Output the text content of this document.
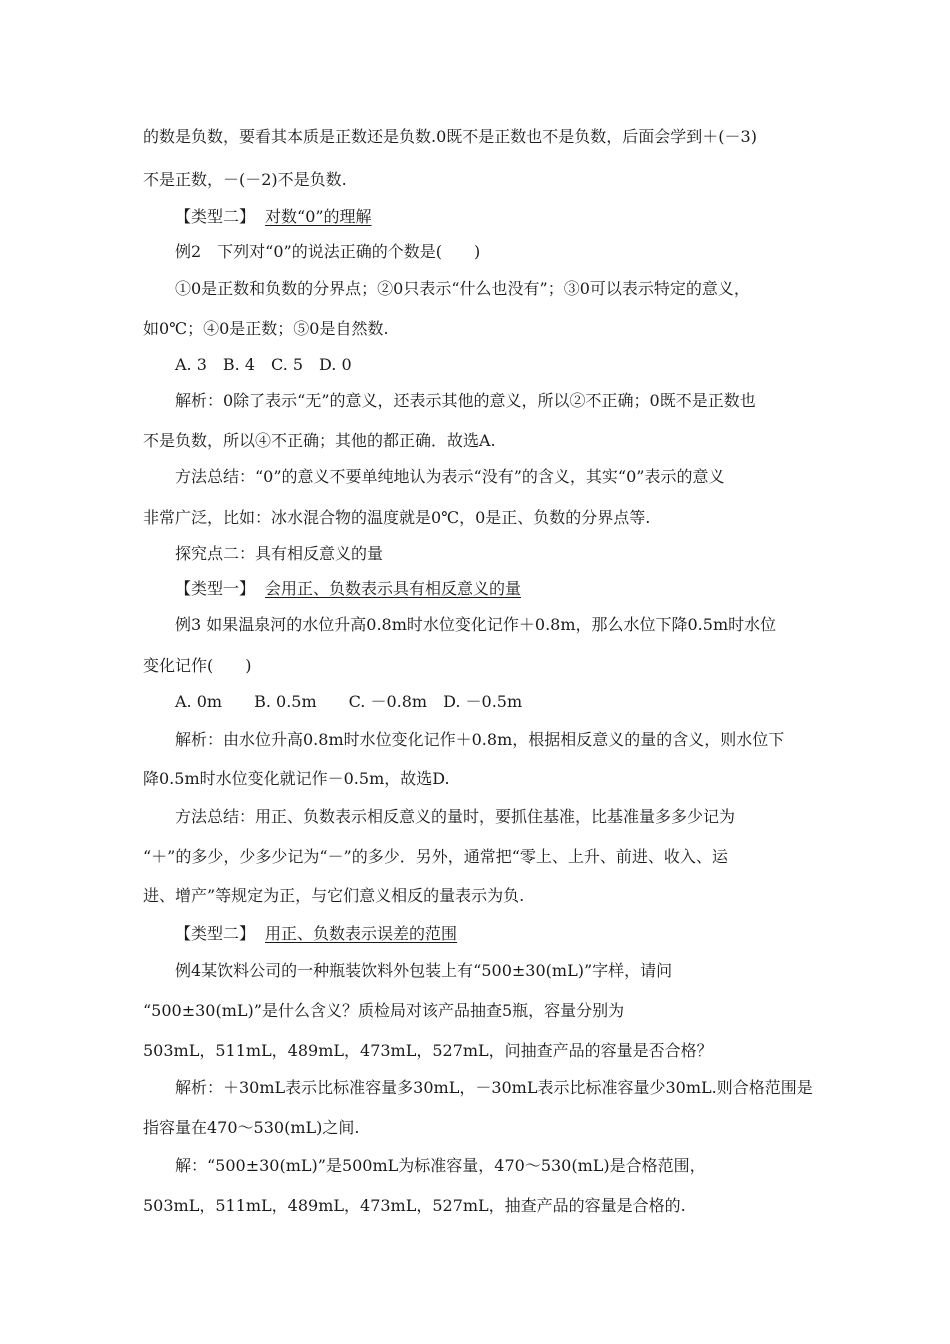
的数是负数，要看其本质是正数还是负数.0既不是正数也不是负数，后面会学到＋(－3)
不是正数，－(－2)不是负数.
【类型二】 对数“0”的理解
例2　下列对“0”的说法正确的个数是(　　)
①0是正数和负数的分界点；②0只表示“什么也没有”；③0可以表示特定的意义，
如0℃；④0是正数；⑤0是自然数.
A. 3　B. 4　C. 5　D. 0
解析：0除了表示“无”的意义，还表示其他的意义，所以②不正确；0既不是正数也
不是负数，所以④不正确；其他的都正确．故选A.
方法总结：“0”的意义不要单纯地认为表示“没有”的含义，其实“0”表示的意义
非常广泛，比如：冰水混合物的温度就是0℃，0是正、负数的分界点等.
探究点二：具有相反意义的量
【类型一】 会用正、负数表示具有相反意义的量
例3 如果温泉河的水位升高0.8m时水位变化记作＋0.8m，那么水位下降0.5m时水位
变化记作(　　)
A. 0m　　B. 0.5m　　C. －0.8m　D. －0.5m
解析：由水位升高0.8m时水位变化记作＋0.8m，根据相反意义的量的含义，则水位下
降0.5m时水位变化就记作－0.5m，故选D.
方法总结：用正、负数表示相反意义的量时，要抓住基准，比基准量多多少记为
“＋”的多少，少多少记为“－”的多少．另外，通常把“零上、上升、前进、收入、运
进、增产”等规定为正，与它们意义相反的量表示为负.
【类型二】 用正、负数表示误差的范围
例4某饮料公司的一种瓶装饮料外包装上有“500±30(mL)”字样，请问
“500±30(mL)”是什么含义？质检局对该产品抽查5瓶，容量分别为
503mL，511mL，489mL，473mL，527mL，问抽查产品的容量是否合格？
解析：＋30mL表示比标准容量多30mL，－30mL表示比标准容量少30mL.则合格范围是
指容量在470～530(mL)之间.
解：“500±30(mL)”是500mL为标准容量，470～530(mL)是合格范围，
503mL，511mL，489mL，473mL，527mL，抽查产品的容量是合格的.
